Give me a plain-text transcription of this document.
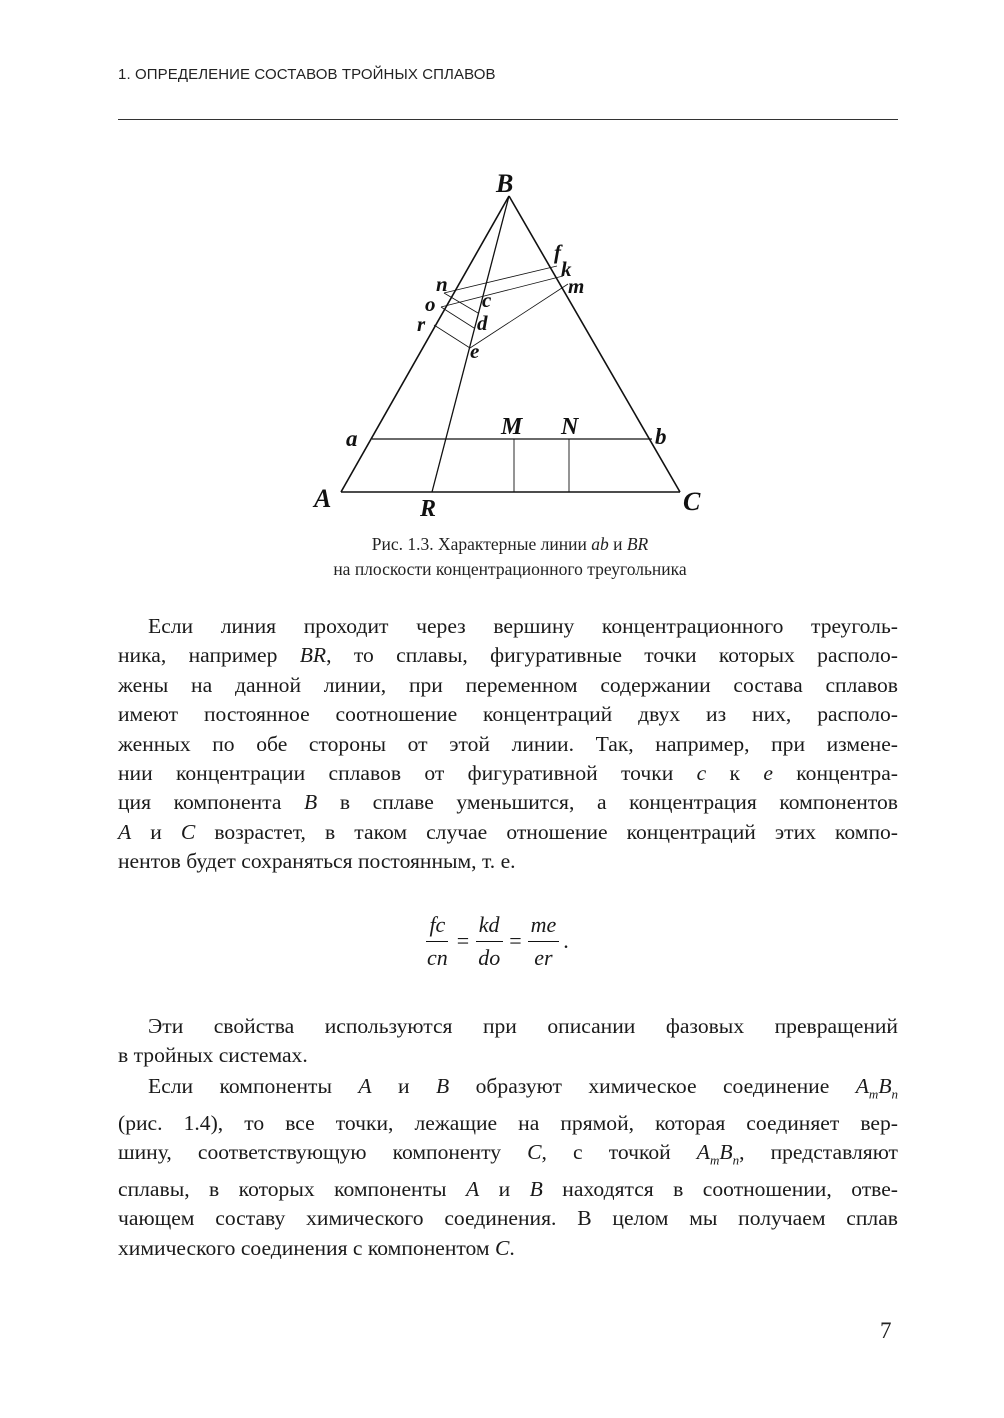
1. ОПРЕДЕЛЕНИЕ СОСТАВОВ ТРОЙНЫХ СПЛАВОВ
B
A	C
R
a	b
M N
f
k
m
n
o
r
c
d
e
Рис. 1.3. Характерные линии ab и BR
на плоскости концентрационного треугольника
Если линия проходит через вершину концентрационного треуголь-
ника, например BR, то сплавы, фигуративные точки которых располо-
жены на данной линии, при переменном содержании состава сплавов
имеют постоянное соотношение концентраций двух из них, располо-
женных по обе стороны от этой линии. Так, например, при измене-
нии концентрации сплавов от фигуративной точки c к e концентра-
ция компонента B в сплаве уменьшится, а концентрация компонентов
A и C возрастет, в таком случае отношение концентраций этих компо-
нентов будет сохраняться постоянным, т. е.
$\frac{fc}{cn} = \frac{kd}{do} = \frac{me}{er}$ .
Эти свойства используются при описании фазовых превращений
в тройных системах.
Если компоненты A и B образуют химическое соединение $A_mB_n$
(рис. 1.4), то все точки, лежащие на прямой, которая соединяет вер-
шину, соответствующую компоненту C, с точкой $A_mB_n$, представляют
сплавы, в которых компоненты A и B находятся в соотношении, отве-
чающем составу химического соединения. В целом мы получаем сплав
химического соединения с компонентом C.
7
